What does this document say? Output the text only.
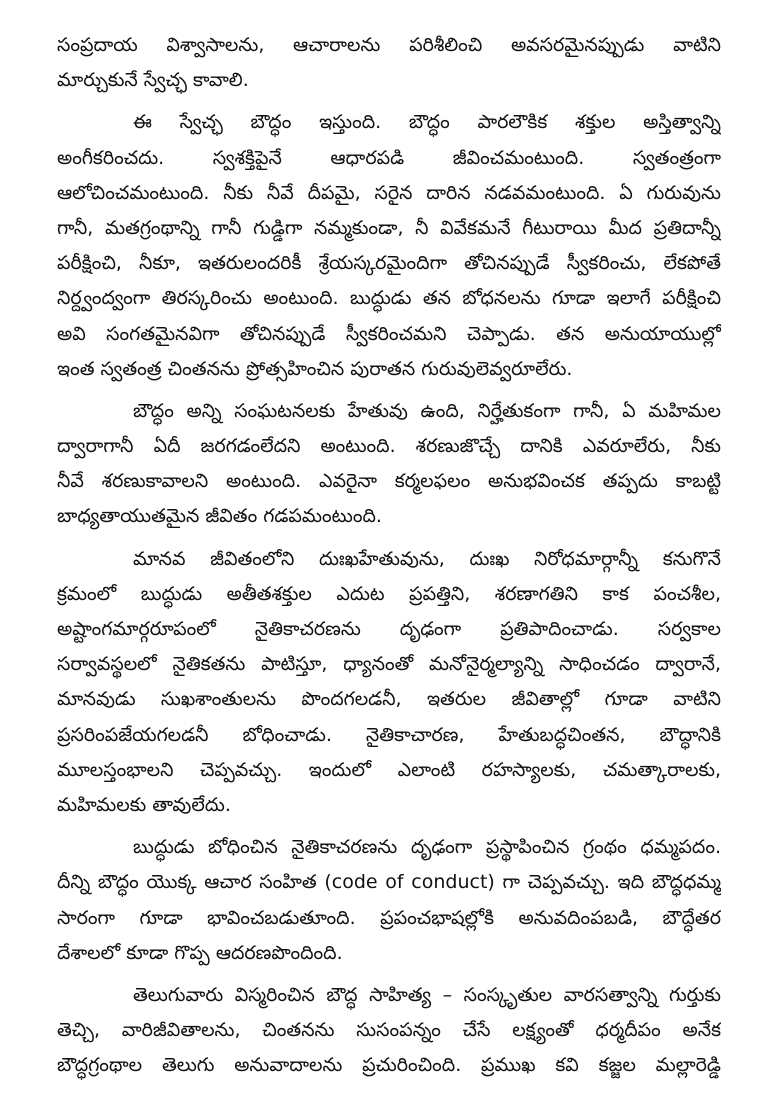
సంప్రదాయ విశ్వాసాలను, ఆచారాలను పరిశీలించి అవసరమైనప్పుడు వాటిని
మార్చుకునే స్వేచ్ఛ కావాలి.
ఈ స్వేచ్ఛ బౌద్ధం ఇస్తుంది. బౌద్ధం పారలౌకిక శక్తుల అస్తిత్వాన్ని
అంగీకరించదు. స్వశక్తిపైనే ఆధారపడి జీవించమంటుంది. స్వతంత్రంగా
ఆలోచించమంటుంది. నీకు నీవే దీపమై, సరైన దారిన నడవమంటుంది. ఏ గురువును
గానీ, మతగ్రంథాన్ని గానీ గుడ్డిగా నమ్మకుండా, నీ వివేకమనే గీటురాయి మీద ప్రతిదాన్నీ
పరీక్షించి, నీకూ, ఇతరులందరికీ శ్రేయస్కరమైందిగా తోచినప్పుడే స్వీకరించు, లేకపోతే
నిర్ద్వంద్వంగా తిరస్కరించు అంటుంది. బుద్ధుడు తన బోధనలను గూడా ఇలాగే పరీక్షించి
అవి సంగతమైనవిగా తోచినప్పుడే స్వీకరించమని చెప్పాడు. తన అనుయాయుల్లో
ఇంత స్వతంత్ర చింతనను ప్రోత్సహించిన పురాతన గురువులెవ్వరూలేరు.
బౌద్ధం అన్ని సంఘటనలకు హేతువు ఉంది, నిర్హేతుకంగా గానీ, ఏ మహిమల
ద్వారాగానీ ఏదీ జరగడంలేదని అంటుంది. శరణుజొచ్చే దానికి ఎవరూలేరు, నీకు
నీవే శరణుకావాలని అంటుంది. ఎవరైనా కర్మలఫలం అనుభవించక తప్పదు కాబట్టి
బాధ్యతాయుతమైన జీవితం గడపమంటుంది.
మానవ జీవితంలోని దుఃఖహేతువును, దుఃఖ నిరోధమార్గాన్నీ కనుగొనే
క్రమంలో బుద్ధుడు అతీతశక్తుల ఎదుట ప్రపత్తిని, శరణాగతిని కాక పంచశీల,
అష్టాంగమార్గరూపంలో నైతికాచరణను దృఢంగా ప్రతిపాదించాడు. సర్వకాల
సర్వావస్థలలో నైతికతను పాటిస్తూ, ధ్యానంతో మనోనైర్మల్యాన్ని సాధించడం ద్వారానే,
మానవుడు సుఖశాంతులను పొందగలడనీ, ఇతరుల జీవితాల్లో గూడా వాటిని
ప్రసరింపజేయగలడనీ బోధించాడు. నైతికాచారణ, హేతుబద్ధచింతన, బౌద్ధానికి
మూలస్తంభాలని చెప్పవచ్చు. ఇందులో ఎలాంటి రహస్యాలకు, చమత్కారాలకు,
మహిమలకు తావులేదు.
బుద్ధుడు బోధించిన నైతికాచరణను దృఢంగా ప్రస్థాపించిన గ్రంథం ధమ్మపదం.
దీన్ని బౌద్ధం యొక్క ఆచార సంహిత (code of conduct) గా చెప్పవచ్చు. ఇది బౌద్ధధమ్మ
సారంగా గూడా భావించబడుతూంది. ప్రపంచభాషల్లోకి అనువదింపబడి, బౌద్ధేతర
దేశాలలో కూడా గొప్ప ఆదరణపొందింది.
తెలుగువారు విస్మరించిన బౌద్ధ సాహిత్య – సంస్కృతుల వారసత్వాన్ని గుర్తుకు
తెచ్చి, వారిజీవితాలను, చింతనను సుసంపన్నం చేసే లక్ష్యంతో ధర్మదీపం అనేక
బౌద్ధగ్రంథాల తెలుగు అనువాదాలను ప్రచురించింది. ప్రముఖ కవి కజ్జల మల్లారెడ్డి
